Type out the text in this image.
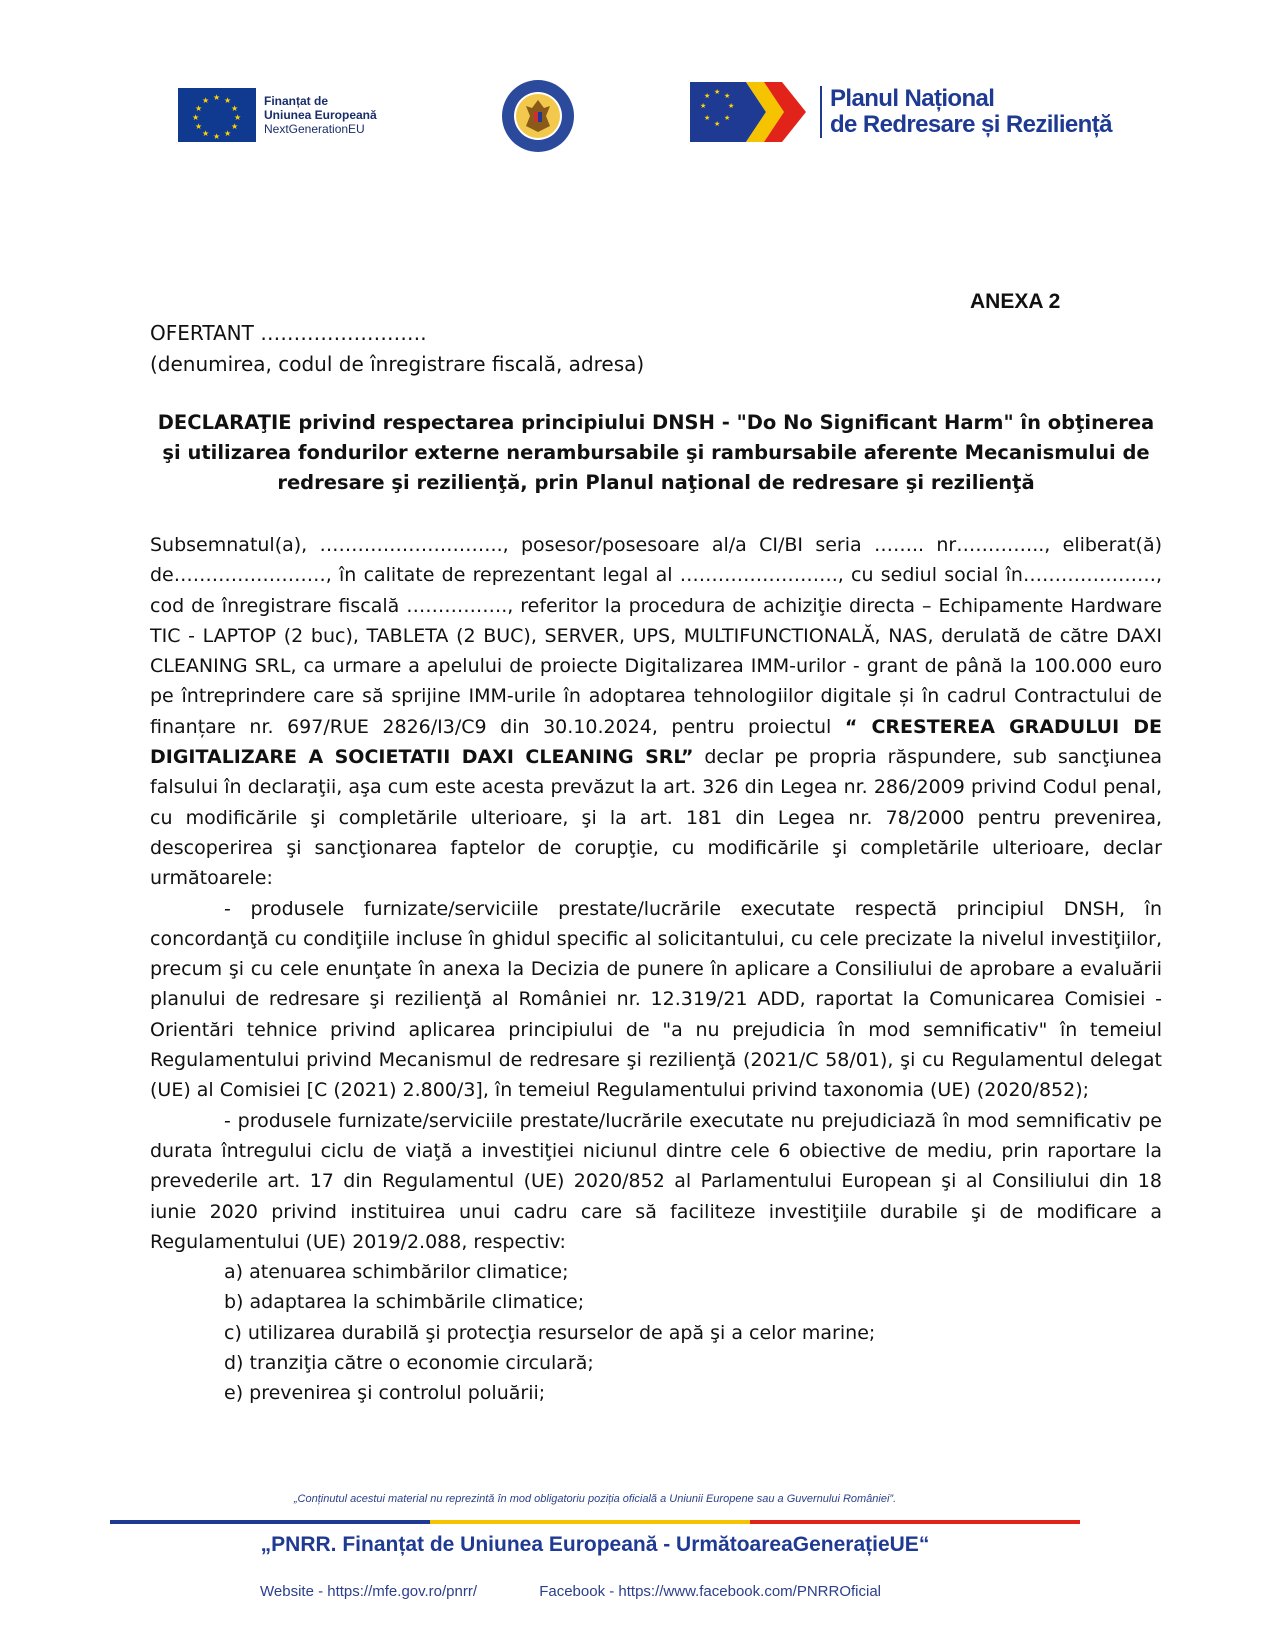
★ ★
★
★
★
★
★
★
★
★
★
★	Finanțat de
Uniunea Europeană
NextGenerationEU
★
★
★
★
★
★
★
★	Planul Național
de Redresare și Reziliență
ANEXA 2
OFERTANT …………………….
(denumirea, codul de înregistrare fiscală, adresa)
DECLARAŢIE privind respectarea principiului DNSH - "Do No Significant Harm" în obţinerea şi utilizarea fondurilor externe nerambursabile şi rambursabile aferente Mecanismului de redresare şi rezilienţă, prin Planul naţional de redresare şi rezilienţă

Subsemnatul(a), ……………………….., posesor/posesoare al/a CI/BI seria …….. nr………….., eliberat(ă) de……………………, în calitate de reprezentant legal al ……………………., cu sediul social în…………………, cod de înregistrare fiscală ……………., referitor la procedura de achiziţie directa – Echipamente Hardware TIC - LAPTOP (2 buc), TABLETA (2 BUC), SERVER, UPS, MULTIFUNCTIONALĂ, NAS, derulată de către DAXI CLEANING SRL, ca urmare a apelului de proiecte Digitalizarea IMM-urilor - grant de până la 100.000 euro pe întreprindere care să sprijine IMM-urile în adoptarea tehnologiilor digitale și în cadrul Contractului de finanțare nr. 697/RUE 2826/I3/C9 din 30.10.2024, pentru proiectul “ CRESTEREA GRADULUI DE DIGITALIZARE A SOCIETATII DAXI CLEANING SRL” declar pe propria răspundere, sub sancţiunea falsului în declaraţii, aşa cum este acesta prevăzut la art. 326 din Legea nr. 286/2009 privind Codul penal, cu modificările şi completările ulterioare, şi la art. 181 din Legea nr. 78/2000 pentru prevenirea, descoperirea şi sancţionarea faptelor de corupţie, cu modificările şi completările ulterioare, declar următoarele:

- produsele furnizate/serviciile prestate/lucrările executate respectă principiul DNSH, în concordanţă cu condiţiile incluse în ghidul specific al solicitantului, cu cele precizate la nivelul investiţiilor, precum şi cu cele enunţate în anexa la Decizia de punere în aplicare a Consiliului de aprobare a evaluării planului de redresare şi rezilienţă al României nr. 12.319/21 ADD, raportat la Comunicarea Comisiei - Orientări tehnice privind aplicarea principiului de "a nu prejudicia în mod semnificativ" în temeiul Regulamentului privind Mecanismul de redresare şi rezilienţă (2021/C 58/01), şi cu Regulamentul delegat (UE) al Comisiei [C (2021) 2.800/3], în temeiul Regulamentului privind taxonomia (UE) (2020/852);

- produsele furnizate/serviciile prestate/lucrările executate nu prejudiciază în mod semnificativ pe durata întregului ciclu de viaţă a investiţiei niciunul dintre cele 6 obiective de mediu, prin raportare la prevederile art. 17 din Regulamentul (UE) 2020/852 al Parlamentului European şi al Consiliului din 18 iunie 2020 privind instituirea unui cadru care să faciliteze investiţiile durabile şi de modificare a Regulamentului (UE) 2019/2.088, respectiv:

a) atenuarea schimbărilor climatice;

b) adaptarea la schimbările climatice;

c) utilizarea durabilă şi protecţia resurselor de apă şi a celor marine;

d) tranziţia către o economie circulară;

e) prevenirea şi controlul poluării;

„Conținutul acestui material nu reprezintă în mod obligatoriu poziția oficială a Uniunii Europene sau a Guvernului României”.
„PNRR. Finanțat de Uniunea Europeană - UrmătoareaGenerațieUE“
Website - https://mfe.gov.ro/pnrr/	Facebook - https://www.facebook.com/PNRROficial
